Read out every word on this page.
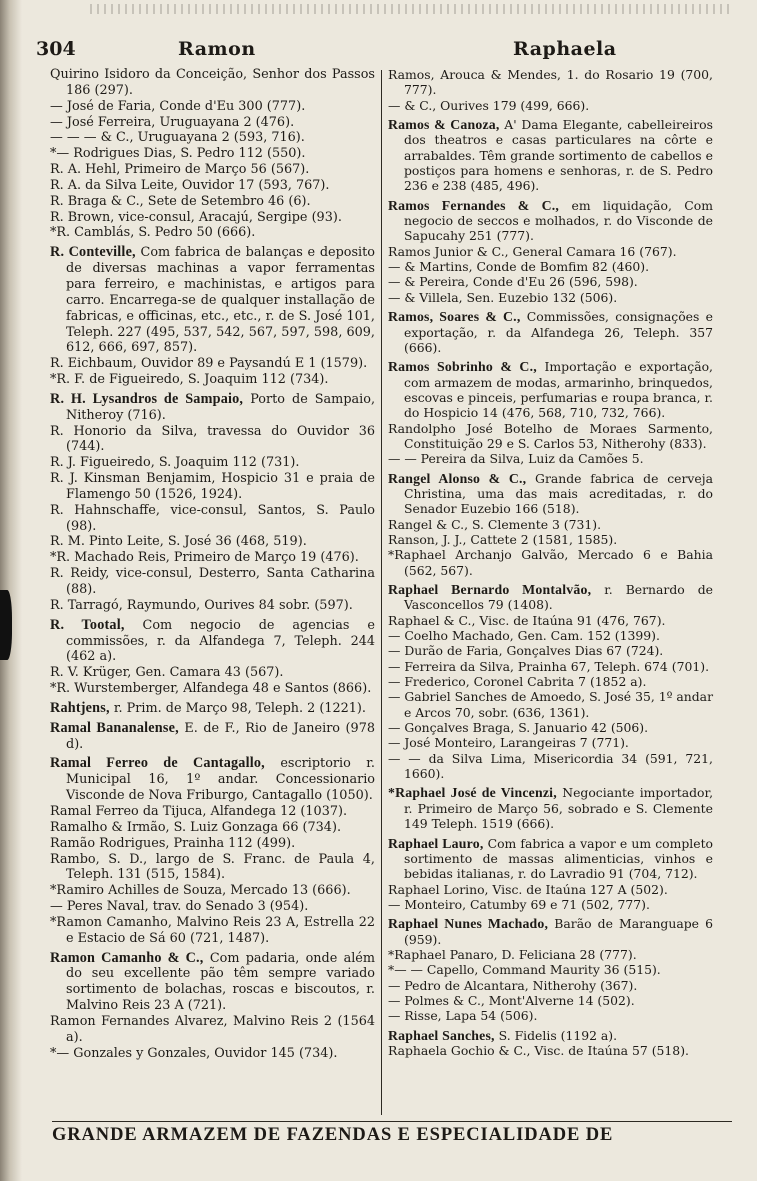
304	Ramon	Raphaela
Quirino Isidoro da Conceição, Senhor dos Passos 186 (297).
— José de Faria, Conde d'Eu 300 (777).
— José Ferreira, Uruguayana 2 (476).
— — — & C., Uruguayana 2 (593, 716).
*— Rodrigues Dias, S. Pedro 112 (550).
R. A. Hehl, Primeiro de Março 56 (567).
R. A. da Silva Leite, Ouvidor 17 (593, 767).
R. Braga & C., Sete de Setembro 46 (6).
R. Brown, vice-consul, Aracajú, Sergipe (93).
*R. Camblás, S. Pedro 50 (666).
R. Conteville, Com fabrica de balanças e deposito de diversas machinas a vapor ferramentas para ferreiro, e machinistas, e artigos para carro. Encarrega-se de qualquer installação de fabricas, e officinas, etc., etc., r. de S. José 101, Teleph. 227 (495, 537, 542, 567, 597, 598, 609, 612, 666, 697, 857).
R. Eichbaum, Ouvidor 89 e Paysandú E 1 (1579).
*R. F. de Figueiredo, S. Joaquim 112 (734).
R. H. Lysandros de Sampaio, Porto de Sampaio, Nitheroy (716).
R. Honorio da Silva, travessa do Ouvidor 36 (744).
R. J. Figueiredo, S. Joaquim 112 (731).
R. J. Kinsman Benjamim, Hospicio 31 e praia de Flamengo 50 (1526, 1924).
R. Hahnschaffe, vice-consul, Santos, S. Paulo (98).
R. M. Pinto Leite, S. José 36 (468, 519).
*R. Machado Reis, Primeiro de Março 19 (476).
R. Reidy, vice-consul, Desterro, Santa Catharina (88).
R. Tarragó, Raymundo, Ourives 84 sobr. (597).
R. Tootal, Com negocio de agencias e commissões, r. da Alfandega 7, Teleph. 244 (462 a).
R. V. Krüger, Gen. Camara 43 (567).
*R. Wurstemberger, Alfandega 48 e Santos (866).
Rahtjens, r. Prim. de Março 98, Teleph. 2 (1221).
Ramal Bananalense, E. de F., Rio de Janeiro (978 d).
Ramal Ferreo de Cantagallo, escriptorio r. Municipal 16, 1º andar. Concessionario Visconde de Nova Friburgo, Cantagallo (1050).
Ramal Ferreo da Tijuca, Alfandega 12 (1037).
Ramalho & Irmão, S. Luiz Gonzaga 66 (734).
Ramão Rodrigues, Prainha 112 (499).
Rambo, S. D., largo de S. Franc. de Paula 4, Teleph. 131 (515, 1584).
*Ramiro Achilles de Souza, Mercado 13 (666).
— Peres Naval, trav. do Senado 3 (954).
*Ramon Camanho, Malvino Reis 23 A, Estrella 22 e Estacio de Sá 60 (721, 1487).
Ramon Camanho & C., Com padaria, onde além do seu excellente pão têm sempre variado sortimento de bolachas, roscas e biscoutos, r. Malvino Reis 23 A (721).
Ramon Fernandes Alvarez, Malvino Reis 2 (1564 a).
*— Gonzales y Gonzales, Ouvidor 145 (734).
Ramos, Arouca & Mendes, 1. do Rosario 19 (700, 777).
— & C., Ourives 179 (499, 666).
Ramos & Canoza, A' Dama Elegante, cabelleireiros dos theatros e casas particulares na côrte e arrabaldes. Têm grande sortimento de cabellos e postiços para homens e senhoras, r. de S. Pedro 236 e 238 (485, 496).
Ramos Fernandes & C., em liquidação, Com negocio de seccos e molhados, r. do Visconde de Sapucahy 251 (777).
Ramos Junior & C., General Camara 16 (767).
— & Martins, Conde de Bomfim 82 (460).
— & Pereira, Conde d'Eu 26 (596, 598).
— & Villela, Sen. Euzebio 132 (506).
Ramos, Soares & C., Commissões, consignações e exportação, r. da Alfandega 26, Teleph. 357 (666).
Ramos Sobrinho & C., Importação e exportação, com armazem de modas, armarinho, brinquedos, escovas e pinceis, perfumarias e roupa branca, r. do Hospicio 14 (476, 568, 710, 732, 766).
Randolpho José Botelho de Moraes Sarmento, Constituição 29 e S. Carlos 53, Nitherohy (833).
— — Pereira da Silva, Luiz da Camões 5.
Rangel Alonso & C., Grande fabrica de cerveja Christina, uma das mais acreditadas, r. do Senador Euzebio 166 (518).
Rangel & C., S. Clemente 3 (731).
Ranson, J. J., Cattete 2 (1581, 1585).
*Raphael Archanjo Galvão, Mercado 6 e Bahia (562, 567).
Raphael Bernardo Montalvão, r. Bernardo de Vasconcellos 79 (1408).
Raphael & C., Visc. de Itaúna 91 (476, 767).
— Coelho Machado, Gen. Cam. 152 (1399).
— Durão de Faria, Gonçalves Dias 67 (724).
— Ferreira da Silva, Prainha 67, Teleph. 674 (701).
— Frederico, Coronel Cabrita 7 (1852 a).
— Gabriel Sanches de Amoedo, S. José 35, 1º andar e Arcos 70, sobr. (636, 1361).
— Gonçalves Braga, S. Januario 42 (506).
— José Monteiro, Larangeiras 7 (771).
— — da Silva Lima, Misericordia 34 (591, 721, 1660).
*Raphael José de Vincenzi, Negociante importador, r. Primeiro de Março 56, sobrado e S. Clemente 149 Teleph. 1519 (666).
Raphael Lauro, Com fabrica a vapor e um completo sortimento de massas alimenticias, vinhos e bebidas italianas, r. do Lavradio 91 (704, 712).
Raphael Lorino, Visc. de Itaúna 127 A (502).
— Monteiro, Catumby 69 e 71 (502, 777).
Raphael Nunes Machado, Barão de Maranguape 6 (959).
*Raphael Panaro, D. Feliciana 28 (777).
*— — Capello, Command Maurity 36 (515).
— Pedro de Alcantara, Nitherohy (367).
— Polmes & C., Mont'Alverne 14 (502).
— Risse, Lapa 54 (506).
Raphael Sanches, S. Fidelis (1192 a).
Raphaela Gochio & C., Visc. de Itaúna 57 (518).
GRANDE ARMAZEM DE FAZENDAS E ESPECIALIDADE DE
